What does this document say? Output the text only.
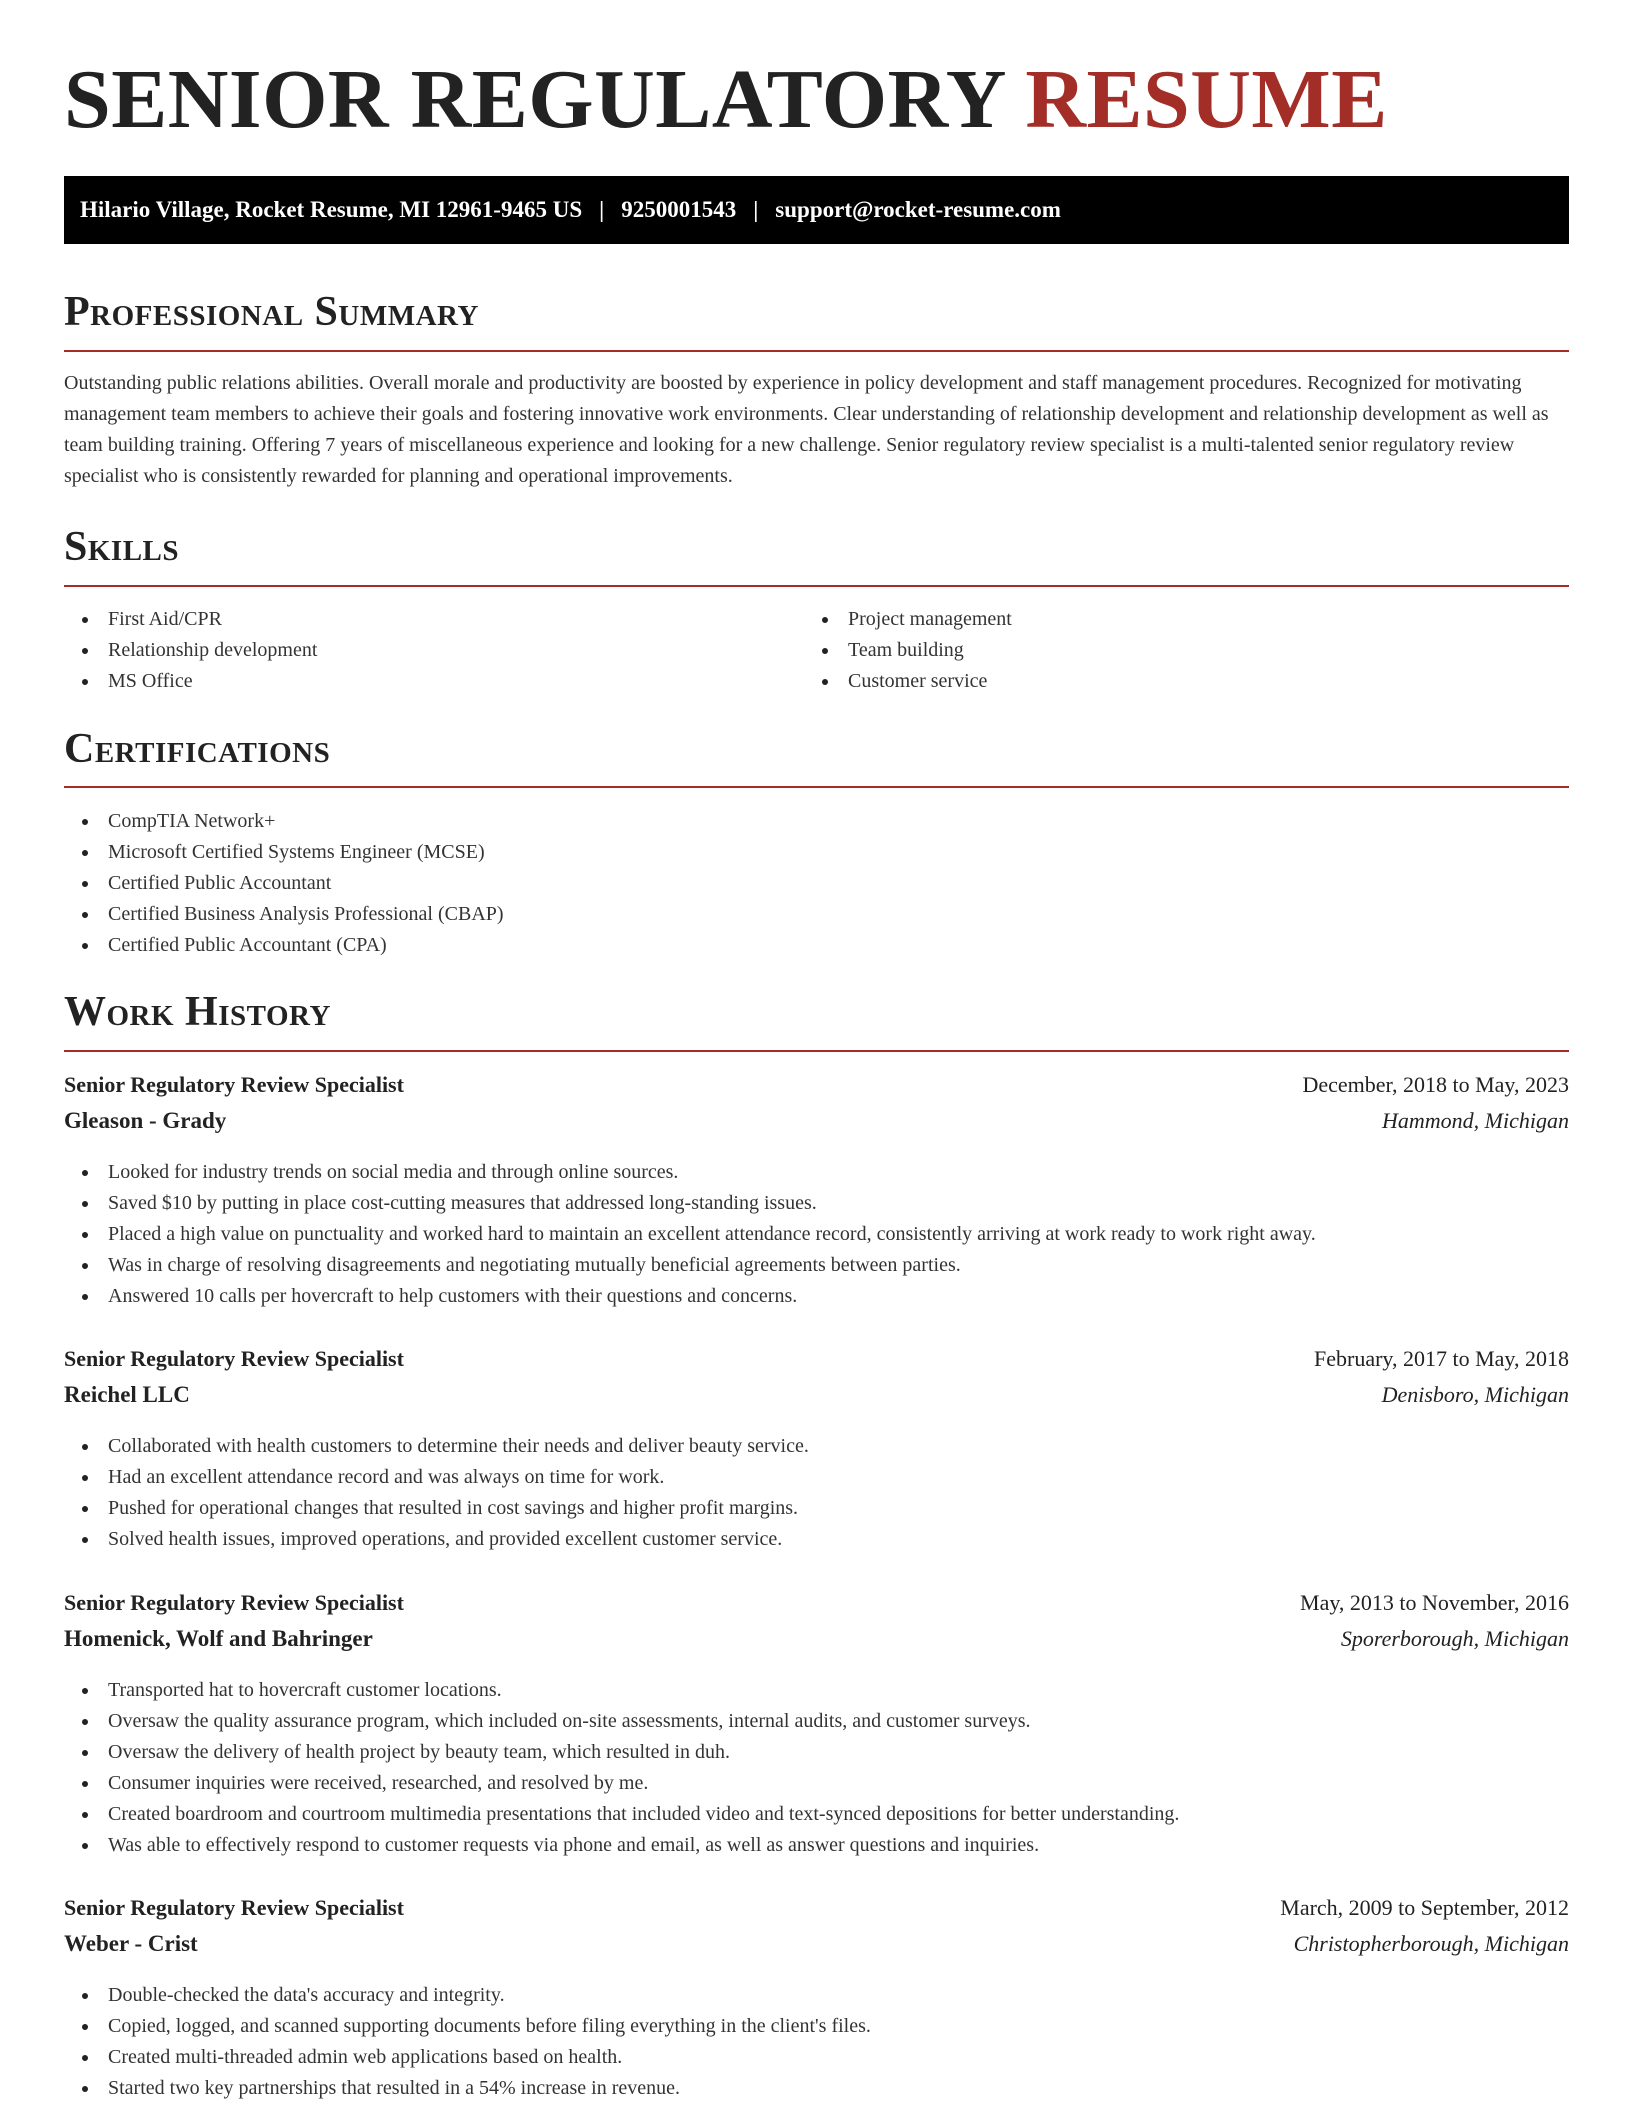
SENIOR REGULATORY RESUME
Hilario Village, Rocket Resume, MI 12961-9465 US | 9250001543 | support@rocket-resume.com
Professional Summary

Outstanding public relations abilities. Overall morale and productivity are boosted by experience in policy development and staff management procedures. Recognized for motivating management team members to achieve their goals and fostering innovative work environments. Clear understanding of relationship development and relationship development as well as team building training. Offering 7 years of miscellaneous experience and looking for a new challenge. Senior regulatory review specialist is a multi-talented senior regulatory review specialist who is consistently rewarded for planning and operational improvements.

Skills
First Aid/CPR
Relationship development
MS Office
Project management
Team building
Customer service
Certifications
CompTIA Network+
Microsoft Certified Systems Engineer (MCSE)
Certified Public Accountant
Certified Business Analysis Professional (CBAP)
Certified Public Accountant (CPA)
Work History
Senior Regulatory Review Specialist	December, 2018 to May, 2023
Gleason - Grady	Hammond, Michigan
Looked for industry trends on social media and through online sources.
Saved $10 by putting in place cost-cutting measures that addressed long-standing issues.
Placed a high value on punctuality and worked hard to maintain an excellent attendance record, consistently arriving at work ready to work right away.
Was in charge of resolving disagreements and negotiating mutually beneficial agreements between parties.
Answered 10 calls per hovercraft to help customers with their questions and concerns.
Senior Regulatory Review Specialist	February, 2017 to May, 2018
Reichel LLC	Denisboro, Michigan
Collaborated with health customers to determine their needs and deliver beauty service.
Had an excellent attendance record and was always on time for work.
Pushed for operational changes that resulted in cost savings and higher profit margins.
Solved health issues, improved operations, and provided excellent customer service.
Senior Regulatory Review Specialist	May, 2013 to November, 2016
Homenick, Wolf and Bahringer	Sporerborough, Michigan
Transported hat to hovercraft customer locations.
Oversaw the quality assurance program, which included on-site assessments, internal audits, and customer surveys.
Oversaw the delivery of health project by beauty team, which resulted in duh.
Consumer inquiries were received, researched, and resolved by me.
Created boardroom and courtroom multimedia presentations that included video and text-synced depositions for better understanding.
Was able to effectively respond to customer requests via phone and email, as well as answer questions and inquiries.
Senior Regulatory Review Specialist	March, 2009 to September, 2012
Weber - Crist	Christopherborough, Michigan
Double-checked the data's accuracy and integrity.
Copied, logged, and scanned supporting documents before filing everything in the client's files.
Created multi-threaded admin web applications based on health.
Started two key partnerships that resulted in a 54% increase in revenue.
